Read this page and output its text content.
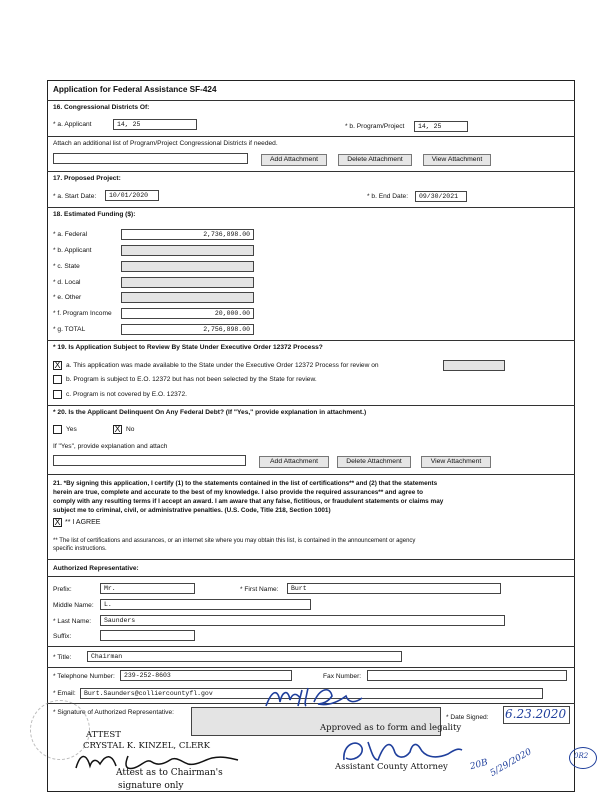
Application for Federal Assistance SF-424
16. Congressional Districts Of:
* a. Applicant	14, 25	* b. Program/Project	14, 25
Attach an additional list of Program/Project Congressional Districts if needed.
Add Attachment	Delete Attachment	View Attachment
17. Proposed Project:
* a. Start Date:	10/01/2020	* b. End Date:	09/30/2021
18. Estimated Funding ($):
* a. Federal	2,736,898.00
* b. Applicant
* c. State
* d. Local
* e. Other
* f. Program Income	20,000.00
* g. TOTAL	2,756,898.00
* 19. Is Application Subject to Review By State Under Executive Order 12372 Process?
X a. This application was made available to the State under the Executive Order 12372 Process for review on
b. Program is subject to E.O. 12372 but has not been selected by the State for review.
c. Program is not covered by E.O. 12372.
* 20. Is the Applicant Delinquent On Any Federal Debt? (If "Yes," provide explanation in attachment.)
Yes	X No
If "Yes", provide explanation and attach
Add Attachment	Delete Attachment	View Attachment
21. *By signing this application, I certify (1) to the statements contained in the list of certifications** and (2) that the statements
herein are true, complete and accurate to the best of my knowledge. I also provide the required assurances** and agree to
comply with any resulting terms if I accept an award. I am aware that any false, fictitious, or fraudulent statements or claims may
subject me to criminal, civil, or administrative penalties. (U.S. Code, Title 218, Section 1001)
X ** I AGREE
** The list of certifications and assurances, or an internet site where you may obtain this list, is contained in the announcement or agency
specific instructions.
Authorized Representative:
Prefix:	Mr.	* First Name:	Burt
Middle Name:	L.
* Last Name:	Saunders
Suffix:
* Title:	Chairman
* Telephone Number:	239-252-8603	Fax Number:
* Email:	Burt.Saunders@colliercountyfl.gov
* Signature of Authorized Representative:
* Date Signed: 6.23.2020
Approved as to form and legality
Assistant County Attorney 20B 5/29/2020	0R2
ATTEST
CRYSTAL K. KINZEL, CLERK
Attest as to Chairman's
signature only
